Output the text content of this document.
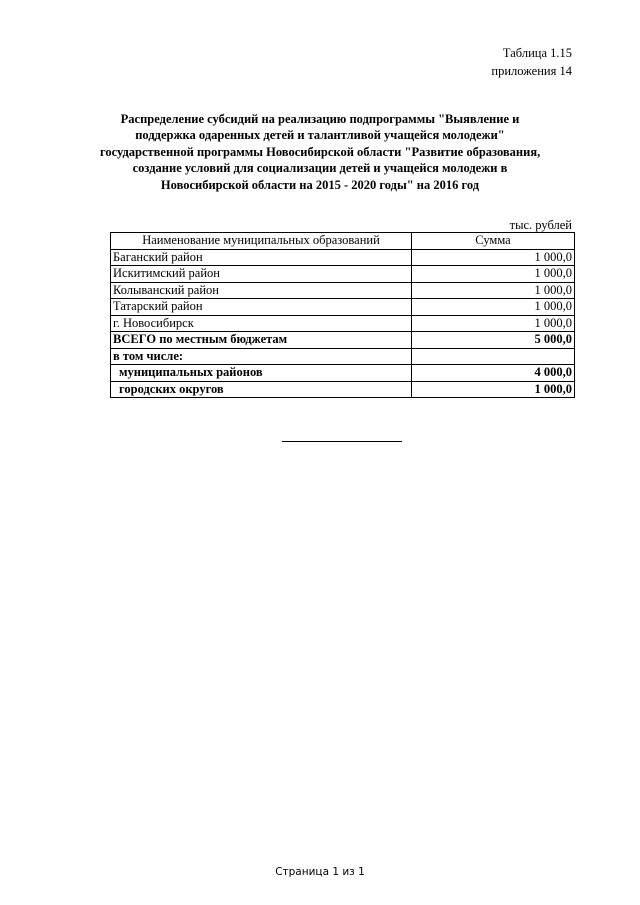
Таблица 1.15
приложения 14
Распределение субсидий на реализацию подпрограммы "Выявление и
поддержка одаренных детей и талантливой учащейся молодежи"
государственной программы Новосибирской области "Развитие образования,
создание условий для социализации детей и учащейся молодежи в
Новосибирской области на 2015 - 2020 годы" на 2016 год
тыс. рублей
Наименование муниципальных образований	Сумма
Баганский район	1 000,0
Искитимский район	1 000,0
Колыванский район	1 000,0
Татарский район	1 000,0
г. Новосибирск	1 000,0
ВСЕГО по местным бюджетам	5 000,0
в том числе:	
муниципальных районов	4 000,0
городских округов	1 000,0
Страница 1 из 1
